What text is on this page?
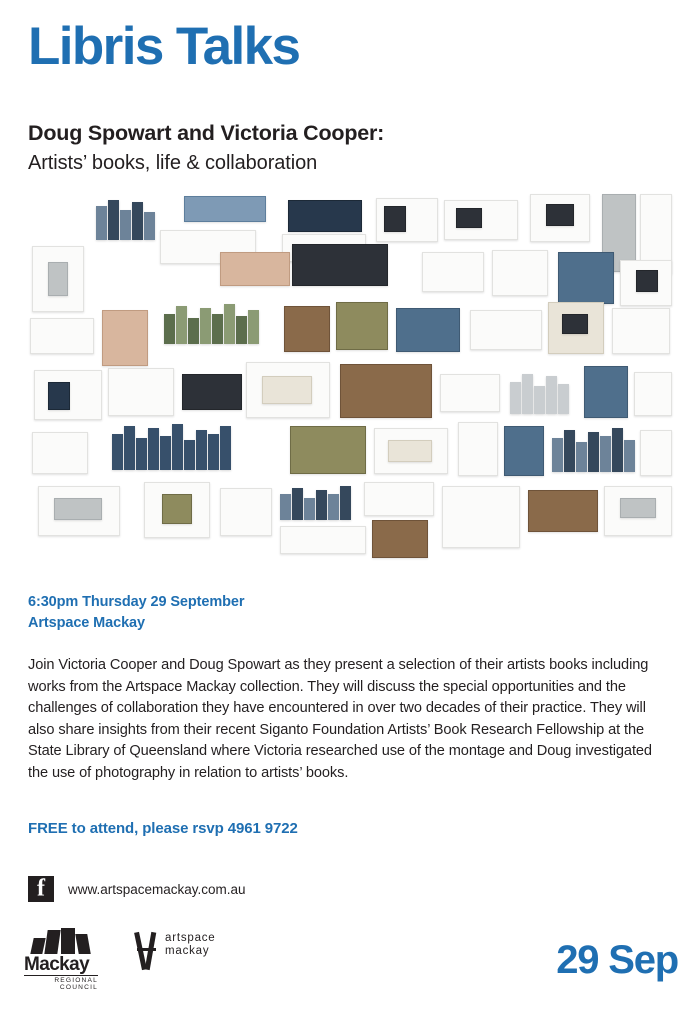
Libris Talks
Doug Spowart and Victoria Cooper:
Artists’ books, life & collaboration
6:30pm Thursday 29 September
Artspace Mackay
Join Victoria Cooper and Doug Spowart as they present a selection of their artists books including works from the Artspace Mackay collection. They will discuss the special opportunities and the challenges of collaboration they have encountered in over two decades of their practice. They will also share insights from their recent Siganto Foundation Artists’ Book Research Fellowship at the State Library of Queensland where Victoria researched use of the montage and Doug investigated the use of photography in relation to artists’ books.
FREE to attend, please rsvp 4961 9722
f
www.artspacemackay.com.au
Mackay
REGIONAL COUNCIL
artspace
mackay	29 Sep
